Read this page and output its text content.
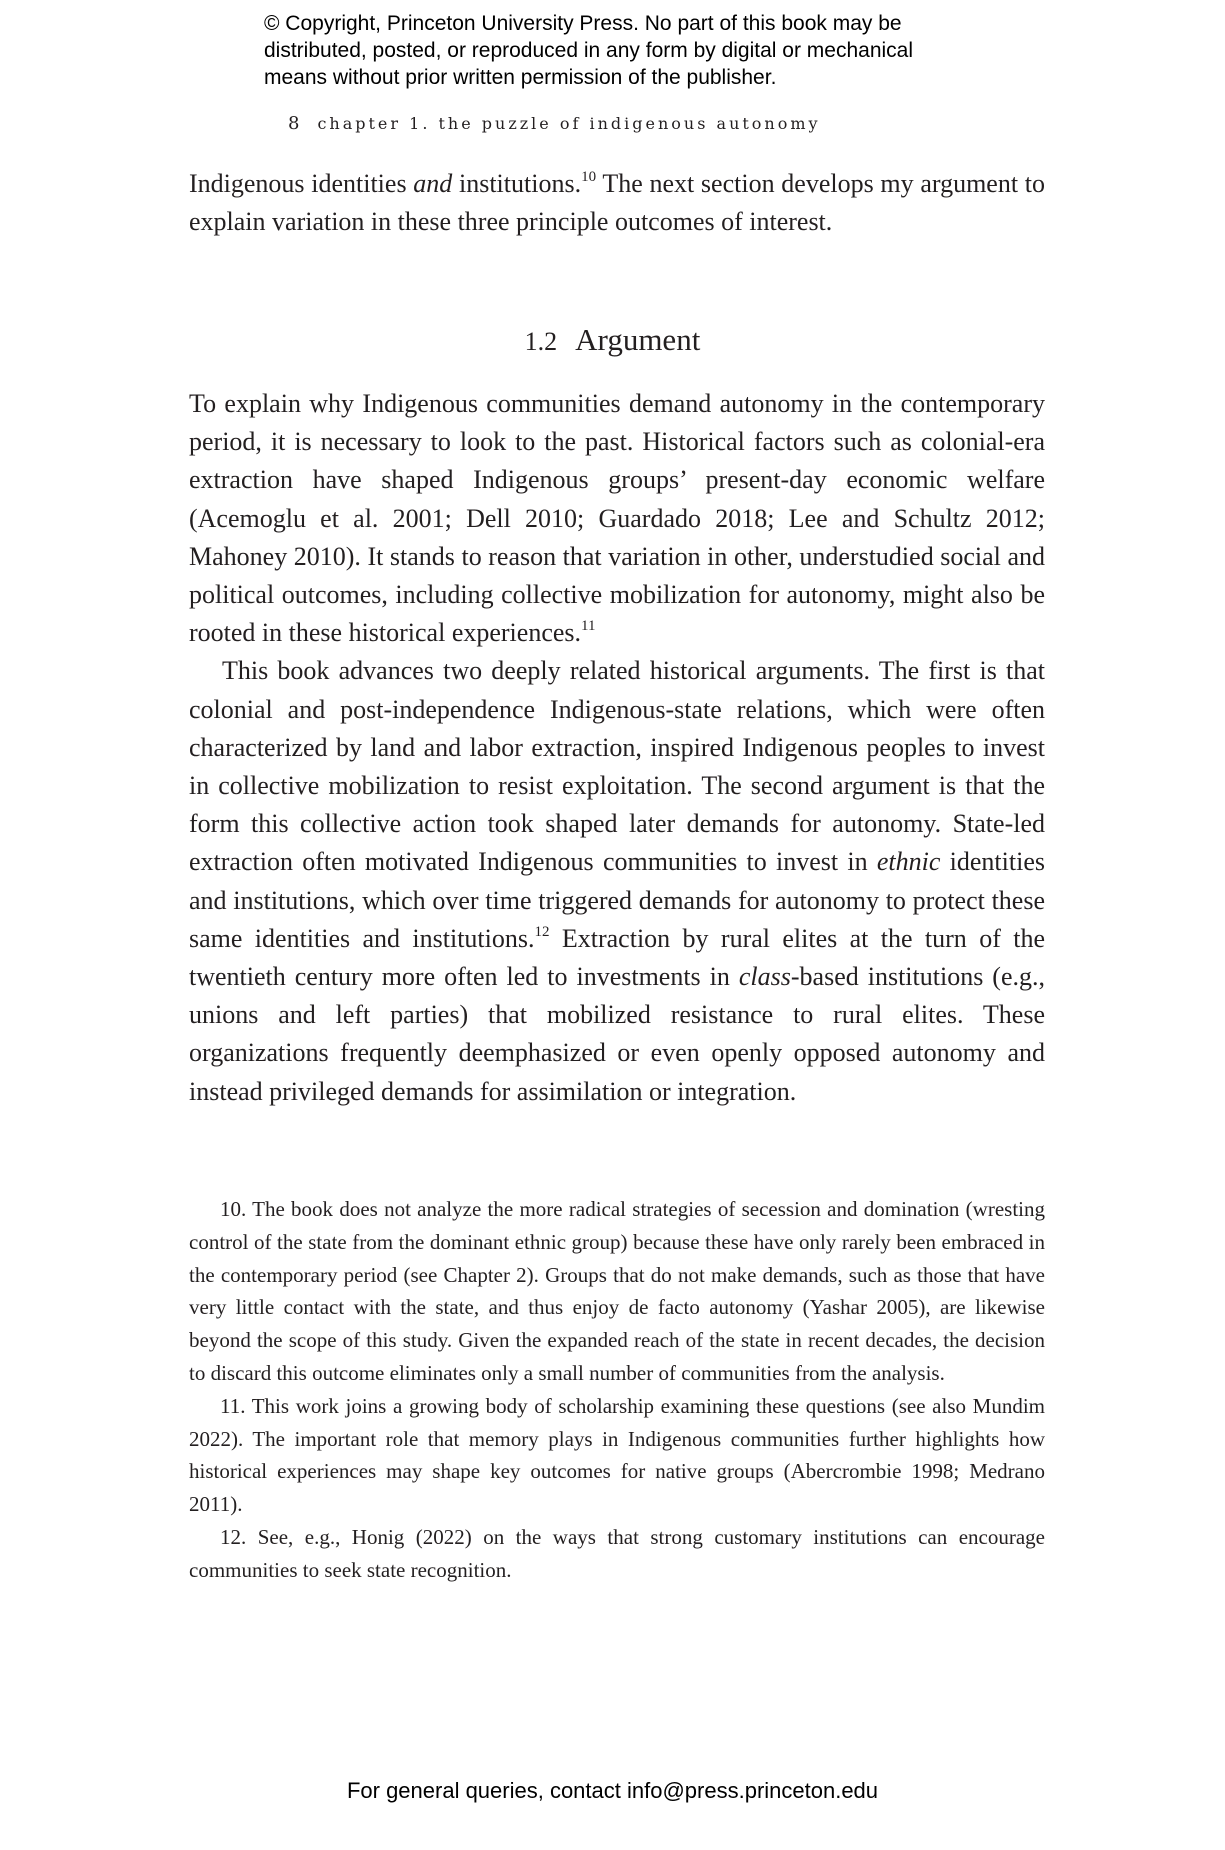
© Copyright, Princeton University Press. No part of this book may be
distributed, posted, or reproduced in any form by digital or mechanical
means without prior written permission of the publisher.
8 chapter 1. the puzzle of indigenous autonomy

Indigenous identities and institutions.$^{10}$ The next section develops my argument to explain variation in these three principle outcomes of interest.

1.2 Argument

To explain why Indigenous communities demand autonomy in the contemporary period, it is necessary to look to the past. Historical factors such as colonial-era extraction have shaped Indigenous groups’ present-day economic welfare (Acemoglu et al. 2001; Dell 2010; Guardado 2018; Lee and Schultz 2012; Mahoney 2010). It stands to reason that variation in other, understudied social and political outcomes, including collective mobilization for autonomy, might also be rooted in these historical experiences.$^{11}$

This book advances two deeply related historical arguments. The first is that colonial and post-independence Indigenous-state relations, which were often characterized by land and labor extraction, inspired Indigenous peoples to invest in collective mobilization to resist exploitation. The second argument is that the form this collective action took shaped later demands for autonomy. State-led extraction often motivated Indigenous communities to invest in ethnic identities and institutions, which over time triggered demands for autonomy to protect these same identities and institutions.$^{12}$ Extraction by rural elites at the turn of the twentieth century more often led to investments in class-based institutions (e.g., unions and left parties) that mobilized resistance to rural elites. These organizations frequently deemphasized or even openly opposed autonomy and instead privileged demands for assimilation or integration.

10. The book does not analyze the more radical strategies of secession and domination (wresting control of the state from the dominant ethnic group) because these have only rarely been embraced in the contemporary period (see Chapter 2). Groups that do not make demands, such as those that have very little contact with the state, and thus enjoy de facto autonomy (Yashar 2005), are likewise beyond the scope of this study. Given the expanded reach of the state in recent decades, the decision to discard this outcome eliminates only a small number of communities from the analysis.

11. This work joins a growing body of scholarship examining these questions (see also Mundim 2022). The important role that memory plays in Indigenous communities further highlights how historical experiences may shape key outcomes for native groups (Abercrombie 1998; Medrano 2011).

12. See, e.g., Honig (2022) on the ways that strong customary institutions can encourage communities to seek state recognition.

For general queries, contact info@press.princeton.edu
